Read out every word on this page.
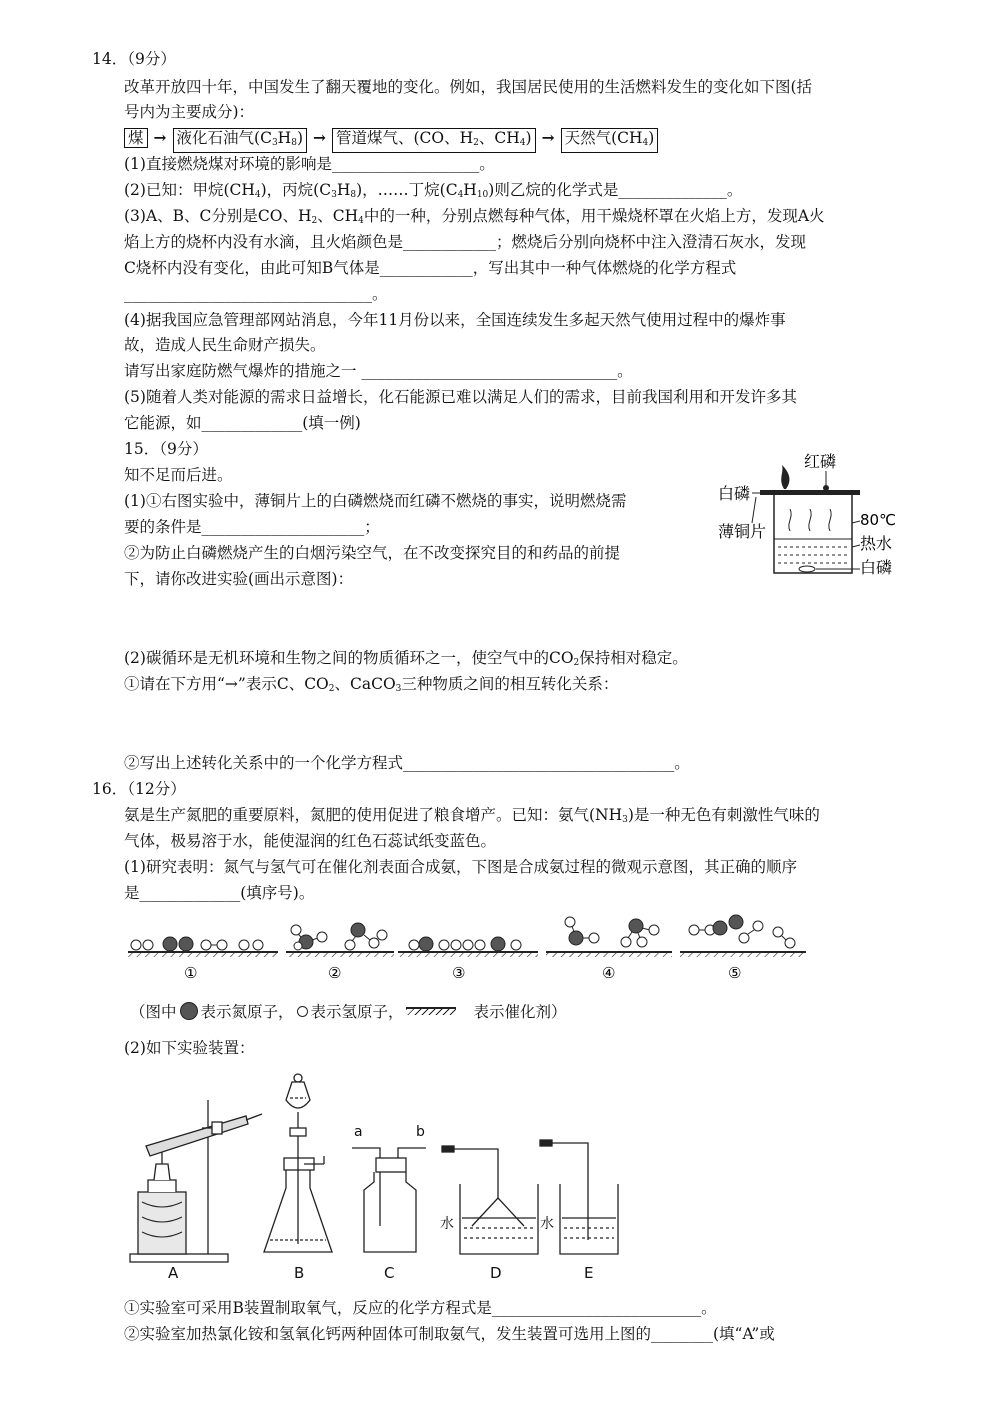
14．（9分）
改革开放四十年，中国发生了翻天覆地的变化。例如，我国居民使用的生活燃料发生的变化如下图(括
号内为主要成分)：
煤 → 液化石油气$(C_3H_8)$ → 管道煤气、(CO、$H_2$、$CH_4$) → 天然气$(CH_4)$
(1)直接燃烧煤对环境的影响是___________________。
(2)已知：甲烷$(CH_4)$，丙烷$(C_3H_8)$，……丁烷$(C_4H_{10})$则乙烷的化学式是______________。
(3)A、B、C分别是CO、$H_2$、$CH_4$中的一种，分别点燃每种气体，用干燥烧杯罩在火焰上方，发现A火
焰上方的烧杯内没有水滴，且火焰颜色是____________；燃烧后分别向烧杯中注入澄清石灰水，发现
C烧杯内没有变化，由此可知B气体是____________，写出其中一种气体燃烧的化学方程式
________________________________。
(4)据我国应急管理部网站消息，今年11月份以来，全国连续发生多起天然气使用过程中的爆炸事
故，造成人民生命财产损失。
请写出家庭防燃气爆炸的措施之一 _________________________________。
(5)随着人类对能源的需求日益增长，化石能源已难以满足人们的需求，目前我国利用和开发许多其
它能源，如_____________(填一例)
15．（9分）
知不足而后进。
(1)①右图实验中，薄铜片上的白磷燃烧而红磷不燃烧的事实，说明燃烧需
要的条件是_____________________；
②为防止白磷燃烧产生的白烟污染空气，在不改变探究目的和药品的前提
下，请你改进实验(画出示意图)：
红磷
白磷
薄铜片
80℃
热水
白磷
(2)碳循环是无机环境和生物之间的物质循环之一，使空气中的$CO_2$保持相对稳定。
①请在下方用“→”表示C、$CO_2$、CaCO$_3$三种物质之间的相互转化关系：
②写出上述转化关系中的一个化学方程式___________________________________。
16．（12分）
氨是生产氮肥的重要原料，氮肥的使用促进了粮食增产。已知：氨气$(NH_3)$是一种无色有刺激性气味的
气体，极易溶于水，能使湿润的红色石蕊试纸变蓝色。
(1)研究表明：氮气与氢气可在催化剂表面合成氨，下图是合成氨过程的微观示意图，其正确的顺序
是_____________(填序号)。
①	②	③	④	⑤
（图中 表示氮原子， 表示氢原子，	表示催化剂）
(2)如下实验装置：
A	B
a	b
C
水
D
水
E
①实验室可采用B装置制取氧气，反应的化学方程式是___________________________。
②实验室加热氯化铵和氢氧化钙两种固体可制取氨气，发生装置可选用上图的________(填“A”或
